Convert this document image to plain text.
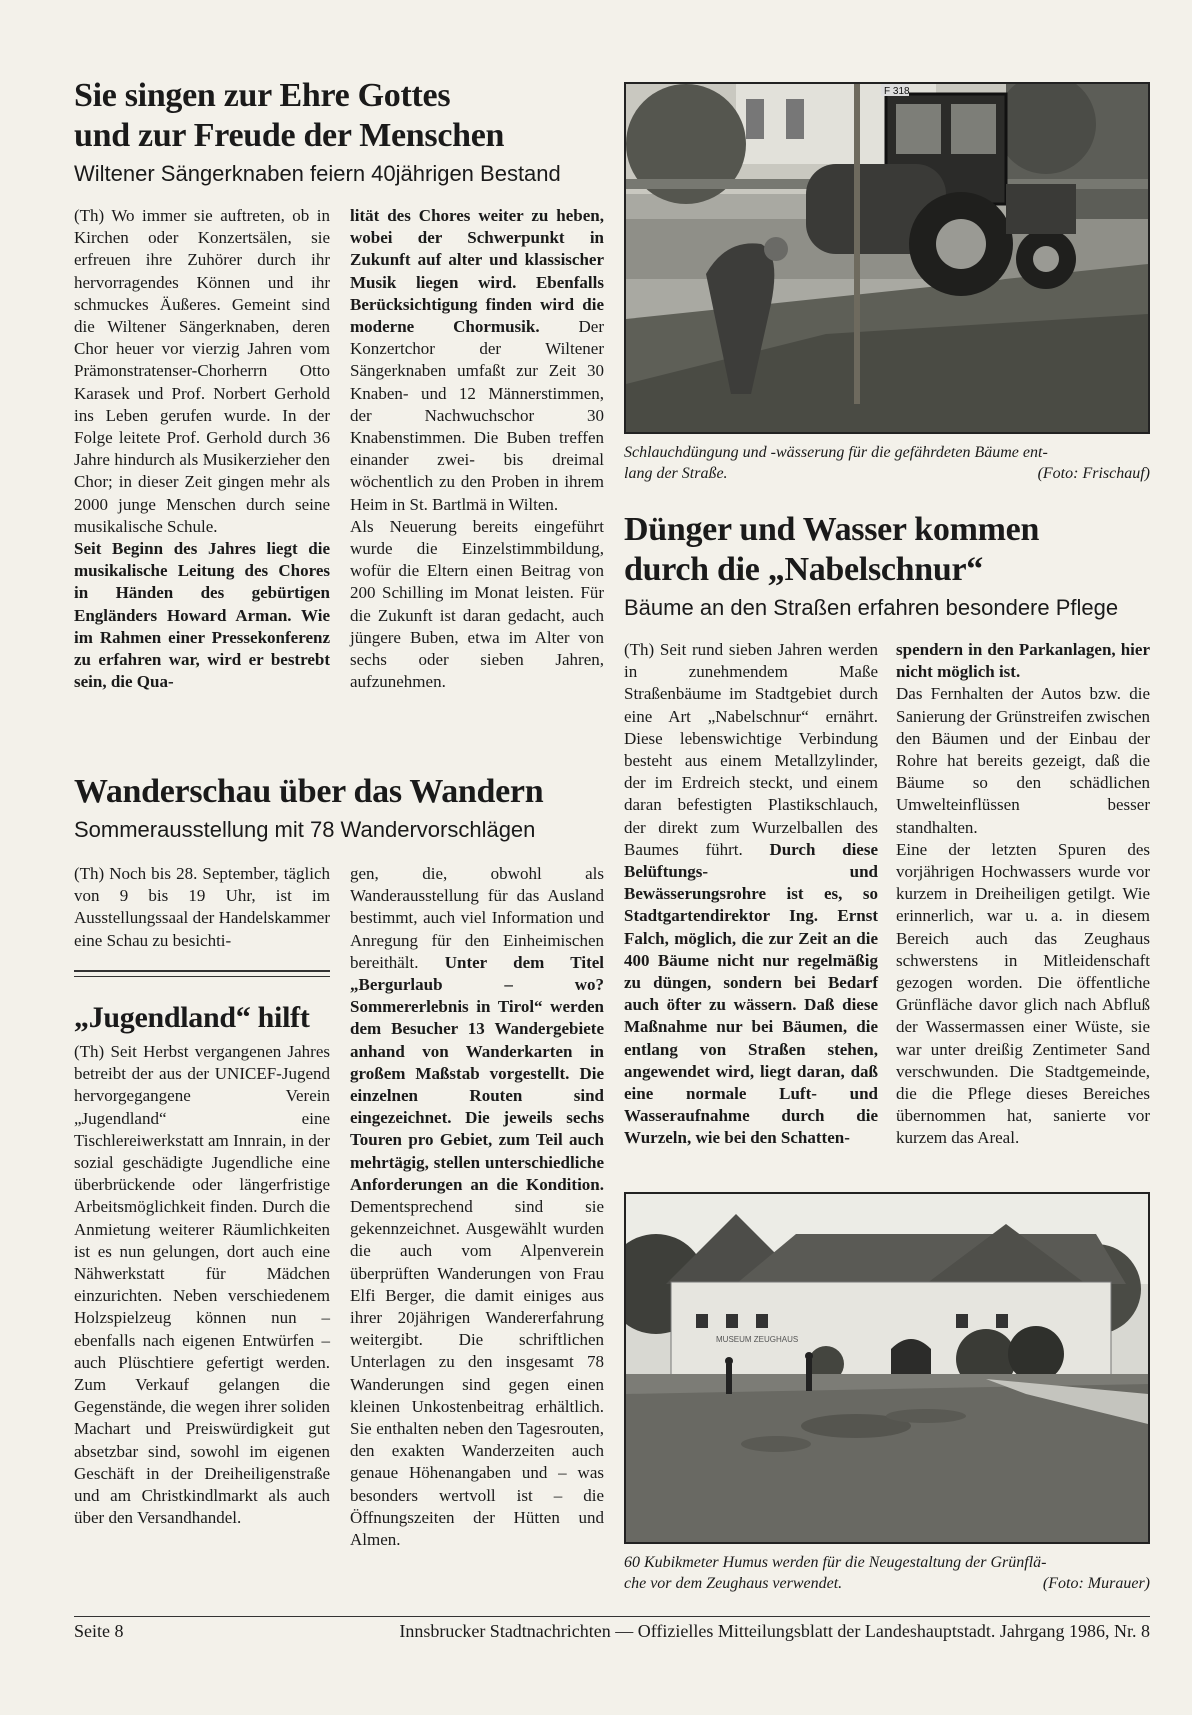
Sie singen zur Ehre Gottes
und zur Freude der Menschen
Wiltener Sängerknaben feiern 40jährigen Bestand

(Th) Wo immer sie auftreten, ob in Kirchen oder Konzertsälen, sie erfreuen ihre Zuhörer durch ihr hervorragendes Können und ihr schmuckes Äußeres. Gemeint sind die Wiltener Sängerknaben, deren Chor heuer vor vierzig Jahren vom Prämonstratenser-Chorherrn Otto Karasek und Prof. Norbert Gerhold ins Leben gerufen wurde. In der Folge leitete Prof. Gerhold durch 36 Jahre hindurch als Musikerzieher den Chor; in dieser Zeit gingen mehr als 2000 junge Menschen durch seine musikalische Schule.

Seit Beginn des Jahres liegt die musikalische Leitung des Chores in Händen des gebürtigen Engländers Howard Arman. Wie im Rahmen einer Pressekonferenz zu erfahren war, wird er bestrebt sein, die Qua-

lität des Chores weiter zu heben, wobei der Schwerpunkt in Zukunft auf alter und klassischer Musik liegen wird. Ebenfalls Berücksichtigung finden wird die moderne Chormusik. Der Konzertchor der Wiltener Sängerknaben umfaßt zur Zeit 30 Knaben- und 12 Männerstimmen, der Nachwuchschor 30 Knabenstimmen. Die Buben treffen einander zwei- bis dreimal wöchentlich zu den Proben in ihrem Heim in St. Bartlmä in Wilten.

Als Neuerung bereits eingeführt wurde die Einzelstimmbildung, wofür die Eltern einen Beitrag von 200 Schilling im Monat leisten. Für die Zukunft ist daran gedacht, auch jüngere Buben, etwa im Alter von sechs oder sieben Jahren, aufzunehmen.

F 318
Schlauchdüngung und -wässerung für die gefährdeten Bäume ent-
lang der Straße.	(Foto: Frischauf)
Dünger und Wasser kommen
durch die „Nabelschnur“
Bäume an den Straßen erfahren besondere Pflege

(Th) Seit rund sieben Jahren werden in zunehmendem Maße Straßenbäume im Stadtgebiet durch eine Art „Nabelschnur“ ernährt. Diese lebenswichtige Verbindung besteht aus einem Metallzylinder, der im Erdreich steckt, und einem daran befestigten Plastikschlauch, der direkt zum Wurzelballen des Baumes führt. Durch diese Belüftungs- und Bewässerungsrohre ist es, so Stadtgartendirektor Ing. Ernst Falch, möglich, die zur Zeit an die 400 Bäume nicht nur regelmäßig zu düngen, sondern bei Bedarf auch öfter zu wässern. Daß diese Maßnahme nur bei Bäumen, die entlang von Straßen stehen, angewendet wird, liegt daran, daß eine normale Luft- und Wasseraufnahme durch die Wurzeln, wie bei den Schatten-

spendern in den Parkanlagen, hier nicht möglich ist.

Das Fernhalten der Autos bzw. die Sanierung der Grünstreifen zwischen den Bäumen und der Einbau der Rohre hat bereits gezeigt, daß die Bäume so den schädlichen Umwelteinflüssen besser standhalten.

Eine der letzten Spuren des vorjährigen Hochwassers wurde vor kurzem in Dreiheiligen getilgt. Wie erinnerlich, war u. a. in diesem Bereich auch das Zeughaus schwerstens in Mitleidenschaft gezogen worden. Die öffentliche Grünfläche davor glich nach Abfluß der Wassermassen einer Wüste, sie war unter dreißig Zentimeter Sand verschwunden. Die Stadtgemeinde, die die Pflege dieses Bereiches übernommen hat, sanierte vor kurzem das Areal.

Wanderschau über das Wandern
Sommerausstellung mit 78 Wandervorschlägen

(Th) Noch bis 28. September, täglich von 9 bis 19 Uhr, ist im Ausstellungssaal der Handelskammer eine Schau zu besichti-

gen, die, obwohl als Wanderausstellung für das Ausland bestimmt, auch viel Information und Anregung für den Einheimischen bereithält. Unter dem Titel „Bergurlaub – wo? Sommererlebnis in Tirol“ werden dem Besucher 13 Wandergebiete anhand von Wanderkarten in großem Maßstab vorgestellt. Die einzelnen Routen sind eingezeichnet. Die jeweils sechs Touren pro Gebiet, zum Teil auch mehrtägig, stellen unterschiedliche Anforderungen an die Kondition. Dementsprechend sind sie gekennzeichnet. Ausgewählt wurden die auch vom Alpenverein überprüften Wanderungen von Frau Elfi Berger, die damit einiges aus ihrer 20jährigen Wandererfahrung weitergibt. Die schriftlichen Unterlagen zu den insgesamt 78 Wanderungen sind gegen einen kleinen Unkostenbeitrag erhältlich. Sie enthalten neben den Tagesrouten, den exakten Wanderzeiten auch genaue Höhenangaben und – was besonders wertvoll ist – die Öffnungszeiten der Hütten und Almen.

„Jugendland“ hilft

(Th) Seit Herbst vergangenen Jahres betreibt der aus der UNICEF-Jugend hervorgegangene Verein „Jugendland“ eine Tischlereiwerkstatt am Innrain, in der sozial geschädigte Jugendliche eine überbrückende oder längerfristige Arbeitsmöglichkeit finden. Durch die Anmietung weiterer Räumlichkeiten ist es nun gelungen, dort auch eine Nähwerkstatt für Mädchen einzurichten. Neben verschiedenem Holzspielzeug können nun – ebenfalls nach eigenen Entwürfen – auch Plüschtiere gefertigt werden. Zum Verkauf gelangen die Gegenstände, die wegen ihrer soliden Machart und Preiswürdigkeit gut absetzbar sind, sowohl im eigenen Geschäft in der Dreiheiligenstraße und am Christkindlmarkt als auch über den Versandhandel.

MUSEUM ZEUGHAUS
60 Kubikmeter Humus werden für die Neugestaltung der Grünflä-
che vor dem Zeughaus verwendet.	(Foto: Murauer)
Seite 8	Innsbrucker Stadtnachrichten — Offizielles Mitteilungsblatt der Landeshauptstadt. Jahrgang 1986, Nr. 8
